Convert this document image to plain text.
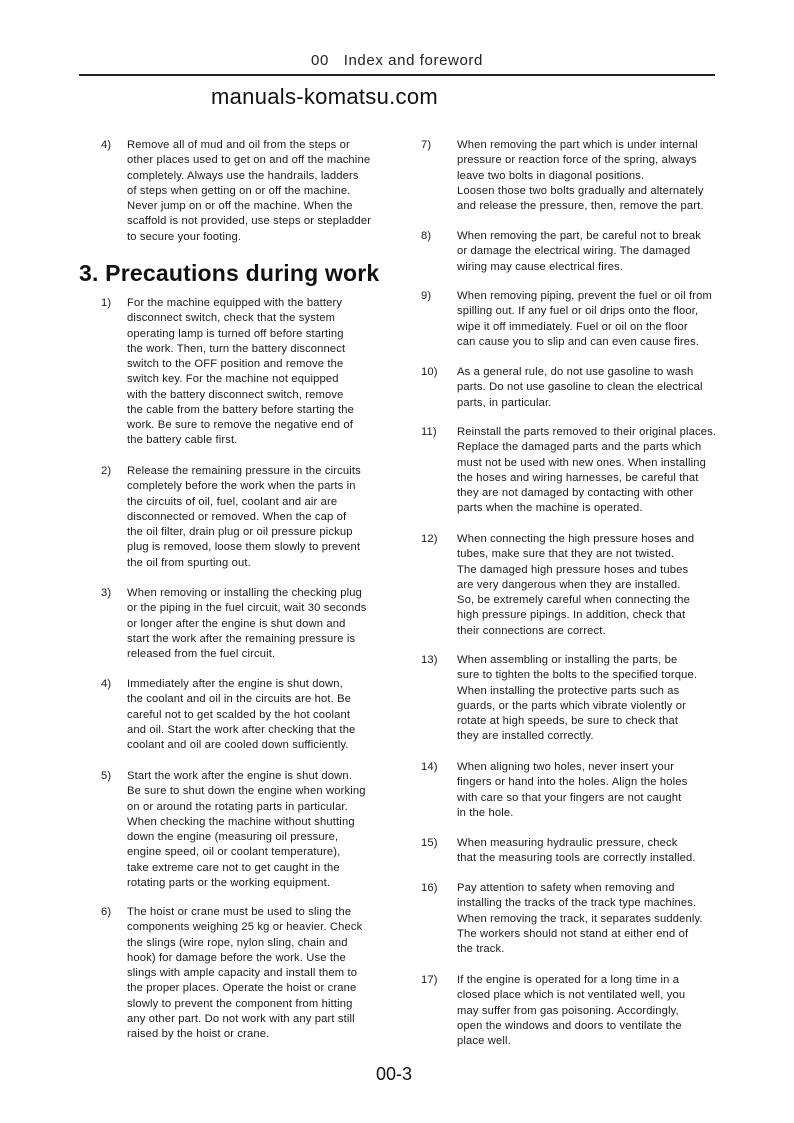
00 Index and foreword
manuals-komatsu.com
4)	Remove all of mud and oil from the steps or
other places used to get on and off the machine
completely. Always use the handrails, ladders
of steps when getting on or off the machine.
Never jump on or off the machine. When the
scaffold is not provided, use steps or stepladder
to secure your footing.
3. Precautions during work
1)	For the machine equipped with the battery
disconnect switch, check that the system
operating lamp is turned off before starting
the work. Then, turn the battery disconnect
switch to the OFF position and remove the
switch key. For the machine not equipped
with the battery disconnect switch, remove
the cable from the battery before starting the
work. Be sure to remove the negative end of
the battery cable first.
2)	Release the remaining pressure in the circuits
completely before the work when the parts in
the circuits of oil, fuel, coolant and air are
disconnected or removed. When the cap of
the oil filter, drain plug or oil pressure pickup
plug is removed, loose them slowly to prevent
the oil from spurting out.
3)	When removing or installing the checking plug
or the piping in the fuel circuit, wait 30 seconds
or longer after the engine is shut down and
start the work after the remaining pressure is
released from the fuel circuit.
4)	Immediately after the engine is shut down,
the coolant and oil in the circuits are hot. Be
careful not to get scalded by the hot coolant
and oil. Start the work after checking that the
coolant and oil are cooled down sufficiently.
5)	Start the work after the engine is shut down.
Be sure to shut down the engine when working
on or around the rotating parts in particular.
When checking the machine without shutting
down the engine (measuring oil pressure,
engine speed, oil or coolant temperature),
take extreme care not to get caught in the
rotating parts or the working equipment.
6)	The hoist or crane must be used to sling the
components weighing 25 kg or heavier. Check
the slings (wire rope, nylon sling, chain and
hook) for damage before the work. Use the
slings with ample capacity and install them to
the proper places. Operate the hoist or crane
slowly to prevent the component from hitting
any other part. Do not work with any part still
raised by the hoist or crane.
7)	When removing the part which is under internal
pressure or reaction force of the spring, always
leave two bolts in diagonal positions.
Loosen those two bolts gradually and alternately
and release the pressure, then, remove the part.
8)	When removing the part, be careful not to break
or damage the electrical wiring. The damaged
wiring may cause electrical fires.
9)	When removing piping, prevent the fuel or oil from
spilling out. If any fuel or oil drips onto the floor,
wipe it off immediately. Fuel or oil on the floor
can cause you to slip and can even cause fires.
10)	As a general rule, do not use gasoline to wash
parts. Do not use gasoline to clean the electrical
parts, in particular.
11)	Reinstall the parts removed to their original places.
Replace the damaged parts and the parts which
must not be used with new ones. When installing
the hoses and wiring harnesses, be careful that
they are not damaged by contacting with other
parts when the machine is operated.
12)	When connecting the high pressure hoses and
tubes, make sure that they are not twisted.
The damaged high pressure hoses and tubes
are very dangerous when they are installed.
So, be extremely careful when connecting the
high pressure pipings. In addition, check that
their connections are correct.
13)	When assembling or installing the parts, be
sure to tighten the bolts to the specified torque.
When installing the protective parts such as
guards, or the parts which vibrate violently or
rotate at high speeds, be sure to check that
they are installed correctly.
14)	When aligning two holes, never insert your
fingers or hand into the holes. Align the holes
with care so that your fingers are not caught
in the hole.
15)	When measuring hydraulic pressure, check
that the measuring tools are correctly installed.
16)	Pay attention to safety when removing and
installing the tracks of the track type machines.
When removing the track, it separates suddenly.
The workers should not stand at either end of
the track.
17)	If the engine is operated for a long time in a
closed place which is not ventilated well, you
may suffer from gas poisoning. Accordingly,
open the windows and doors to ventilate the
place well.
00-3
